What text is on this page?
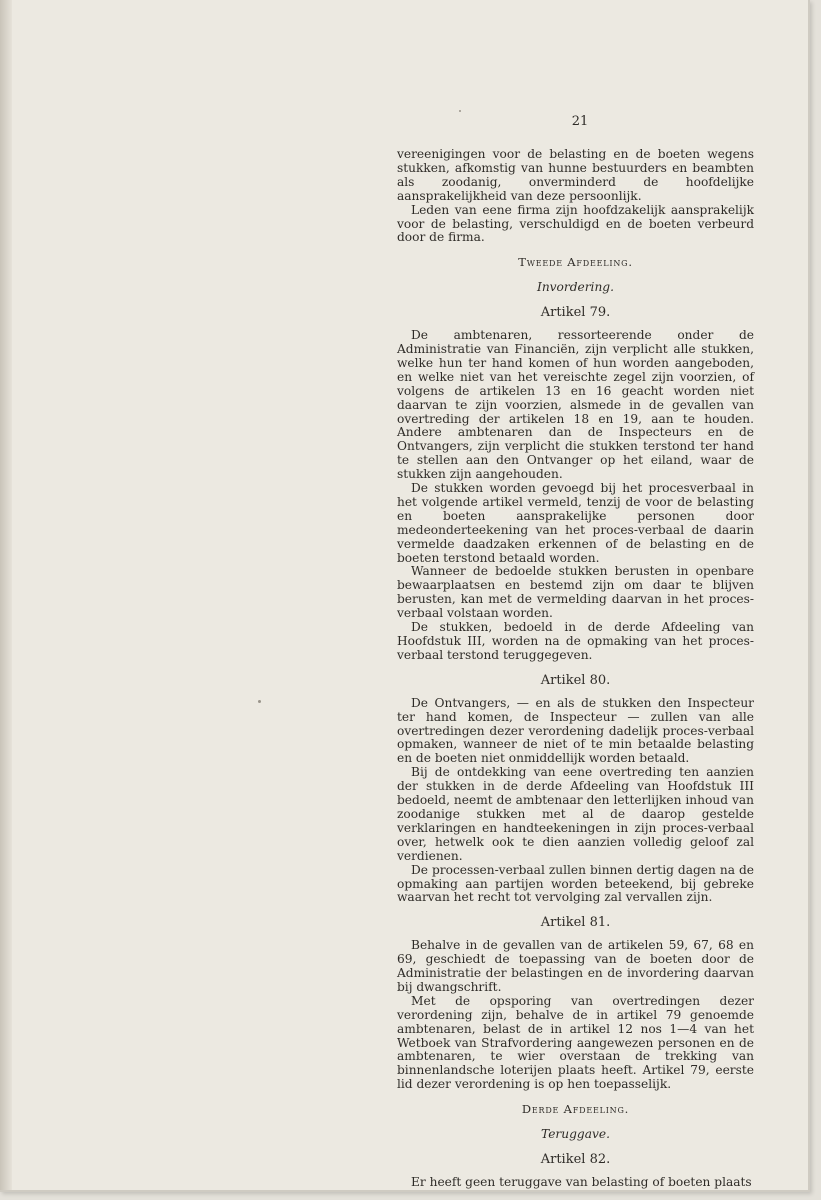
21

vereenigingen voor de belasting en de boeten wegens stukken, afkomstig van hunne bestuurders en beambten als zoodanig, onverminderd de hoofdelijke aansprakelijkheid van deze persoonlijk.

Leden van eene firma zijn hoofdzakelijk aansprakelijk voor de belasting, verschuldigd en de boeten verbeurd door de firma.

Tweede Afdeeling.
Invordering.
Artikel 79.

De ambtenaren, ressorteerende onder de Administratie van Financiën, zijn verplicht alle stukken, welke hun ter hand komen of hun worden aangeboden, en welke niet van het vereischte zegel zijn voorzien, of volgens de artikelen 13 en 16 geacht worden niet daarvan te zijn voorzien, alsmede in de gevallen van overtreding der artikelen 18 en 19, aan te houden. Andere ambtenaren dan de Inspecteurs en de Ontvangers, zijn verplicht die stukken terstond ter hand te stellen aan den Ontvanger op het eiland, waar de stukken zijn aangehouden.

De stukken worden gevoegd bij het procesverbaal in het volgende artikel vermeld, tenzij de voor de belasting en boeten aansprakelijke personen door medeonderteekening van het proces-verbaal de daarin vermelde daadzaken erkennen of de belasting en de boeten terstond betaald worden.

Wanneer de bedoelde stukken berusten in openbare bewaarplaatsen en bestemd zijn om daar te blijven berusten, kan met de vermelding daarvan in het proces-verbaal volstaan worden.

De stukken, bedoeld in de derde Afdeeling van Hoofdstuk III, worden na de opmaking van het proces-verbaal terstond teruggegeven.

Artikel 80.

De Ontvangers, — en als de stukken den Inspecteur ter hand komen, de Inspecteur — zullen van alle overtredingen dezer verordening dadelijk proces-verbaal opmaken, wanneer de niet of te min betaalde belasting en de boeten niet onmiddellijk worden betaald.

Bij de ontdekking van eene overtreding ten aanzien der stukken in de derde Afdeeling van Hoofdstuk III bedoeld, neemt de ambtenaar den letterlijken inhoud van zoodanige stukken met al de daarop gestelde verklaringen en handteekeningen in zijn proces-verbaal over, hetwelk ook te dien aanzien volledig geloof zal verdienen.

De processen-verbaal zullen binnen dertig dagen na de opmaking aan partijen worden beteekend, bij gebreke waarvan het recht tot vervolging zal vervallen zijn.

Artikel 81.

Behalve in de gevallen van de artikelen 59, 67, 68 en 69, geschiedt de toepassing van de boeten door de Administratie der belastingen en de invordering daarvan bij dwangschrift.

Met de opsporing van overtredingen dezer verordening zijn, behalve de in artikel 79 genoemde ambtenaren, belast de in artikel 12 nos 1—4 van het Wetboek van Strafvordering aangewezen personen en de ambtenaren, te wier overstaan de trekking van binnenlandsche loterijen plaats heeft. Artikel 79, eerste lid dezer verordening is op hen toepasselijk.

Derde Afdeeling.
Teruggave.
Artikel 82.

Er heeft geen teruggave van belasting of boeten plaats
